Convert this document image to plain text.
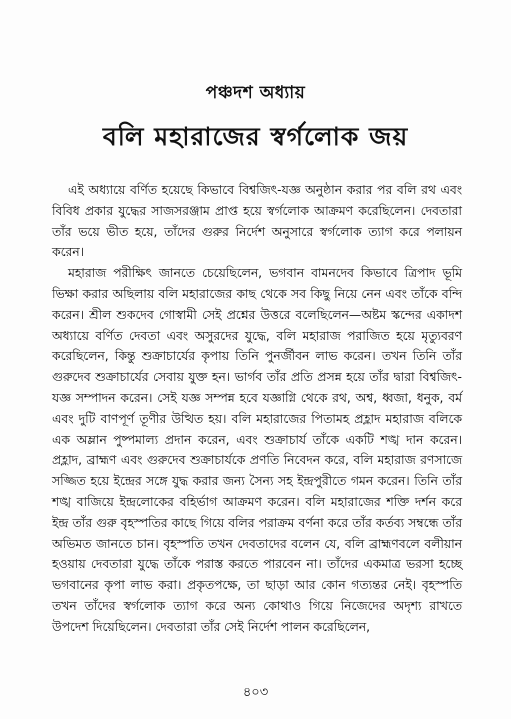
পঞ্চদশ অধ্যায়
বলি মহারাজের স্বর্গলোক জয়

এই অধ্যায়ে বর্ণিত হয়েছে কিভাবে বিশ্বজিৎ-যজ্ঞ অনুষ্ঠান করার পর বলি রথ এবং বিবিধ প্রকার যুদ্ধের সাজসরঞ্জাম প্রাপ্ত হয়ে স্বর্গলোক আক্রমণ করেছিলেন। দেবতারা তাঁর ভয়ে ভীত হয়ে, তাঁদের গুরুর নির্দেশ অনুসারে স্বর্গলোক ত্যাগ করে পলায়ন করেন।

মহারাজ পরীক্ষিৎ জানতে চেয়েছিলেন, ভগবান বামনদেব কিভাবে ত্রিপাদ ভূমি ভিক্ষা করার অছিলায় বলি মহারাজের কাছ থেকে সব কিছু নিয়ে নেন এবং তাঁকে বন্দি করেন। শ্রীল শুকদেব গোস্বামী সেই প্রশ্নের উত্তরে বলেছিলেন—অষ্টম স্কন্দের একাদশ অধ্যায়ে বর্ণিত দেবতা এবং অসুরদের যুদ্ধে, বলি মহারাজ পরাজিত হয়ে মৃত্যুবরণ করেছিলেন, কিন্তু শুক্রাচার্যের কৃপায় তিনি পুনর্জীবন লাভ করেন। তখন তিনি তাঁর গুরুদেব শুক্রাচার্যের সেবায় যুক্ত হন। ভার্গব তাঁর প্রতি প্রসন্ন হয়ে তাঁর দ্বারা বিশ্বজিৎ-যজ্ঞ সম্পাদন করেন। সেই যজ্ঞ সম্পন্ন হবে যজ্ঞাগ্নি থেকে রথ, অশ্ব, ধ্বজা, ধনুক, বর্ম এবং দুটি বাণপূর্ণ তূণীর উত্থিত হয়। বলি মহারাজের পিতামহ প্রহ্লাদ মহারাজ বলিকে এক অম্লান পুষ্পমাল্য প্রদান করেন, এবং শুক্রাচার্য তাঁকে একটি শঙ্খ দান করেন। প্রহ্লাদ, ব্রাহ্মণ এবং গুরুদেব শুক্রাচার্যকে প্রণতি নিবেদন করে, বলি মহারাজ রণসাজে সজ্জিত হয়ে ইন্দ্রের সঙ্গে যুদ্ধ করার জন্য সৈন্য সহ ইন্দ্রপুরীতে গমন করেন। তিনি তাঁর শঙ্খ বাজিয়ে ইন্দ্রলোকের বহির্ভাগ আক্রমণ করেন। বলি মহারাজের শক্তি দর্শন করে ইন্দ্র তাঁর গুরু বৃহস্পতির কাছে গিয়ে বলির পরাক্রম বর্ণনা করে তাঁর কর্তব্য সম্বন্ধে তাঁর অভিমত জানতে চান। বৃহস্পতি তখন দেবতাদের বলেন যে, বলি ব্রাহ্মণবলে বলীয়ান হওয়ায় দেবতারা যুদ্ধে তাঁকে পরাস্ত করতে পারবেন না। তাঁদের একমাত্র ভরসা হচ্ছে ভগবানের কৃপা লাভ করা। প্রকৃতপক্ষে, তা ছাড়া আর কোন গত্যন্তর নেই। বৃহস্পতি তখন তাঁদের স্বর্গলোক ত্যাগ করে অন্য কোথাও গিয়ে নিজেদের অদৃশ্য রাখতে উপদেশ দিয়েছিলেন। দেবতারা তাঁর সেই নির্দেশ পালন করেছিলেন,

৪০৩
